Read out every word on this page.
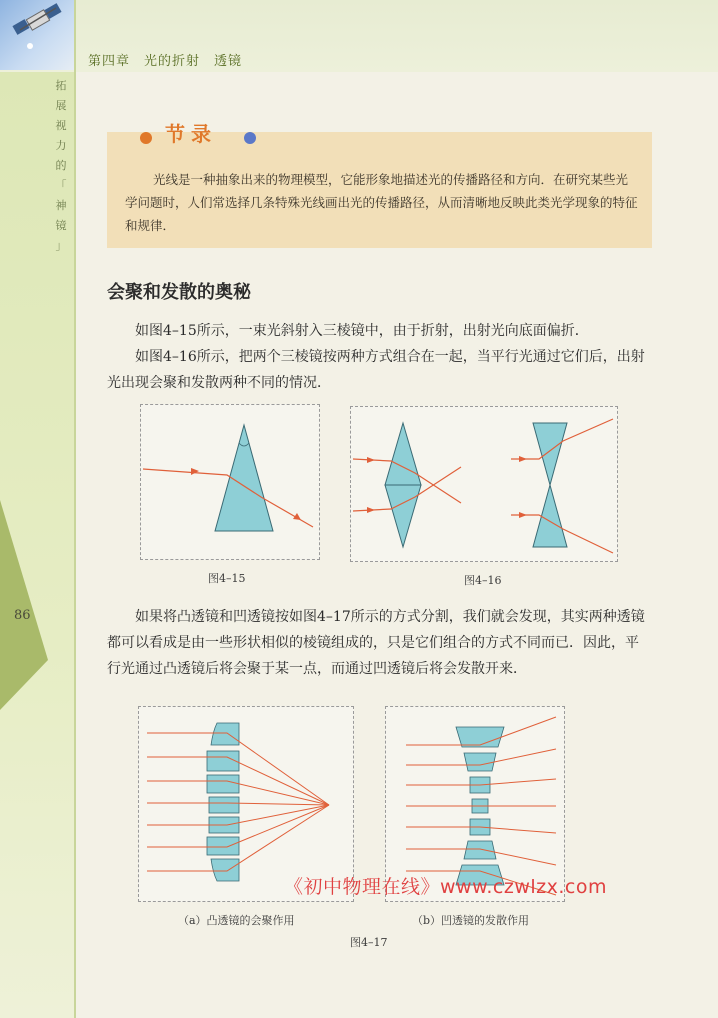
第四章　光的折射　透镜
拓
展
视
力
的
「
神
镜
」
86
节录
光线是一种抽象出来的物理模型，它能形象地描述光的传播路径和方向．在研究某些光学问题时，人们常选择几条特殊光线画出光的传播路径，从而清晰地反映此类光学现象的特征和规律．
会聚和发散的奥秘
　　如图4–15所示，一束光斜射入三棱镜中，由于折射，出射光向底面偏折．
　　如图4–16所示，把两个三棱镜按两种方式组合在一起，当平行光通过它们后，出射光出现会聚和发散两种不同的情况．
图4–15	图4–16
　　如果将凸透镜和凹透镜按如图4–17所示的方式分割，我们就会发现，其实两种透镜都可以看成是由一些形状相似的棱镜组成的，只是它们组合的方式不同而已．因此，平行光通过凸透镜后将会聚于某一点，而通过凹透镜后将会发散开来．
（a）凸透镜的会聚作用	（b）凹透镜的发散作用
图4–17
《初中物理在线》www.czwlzx.com
